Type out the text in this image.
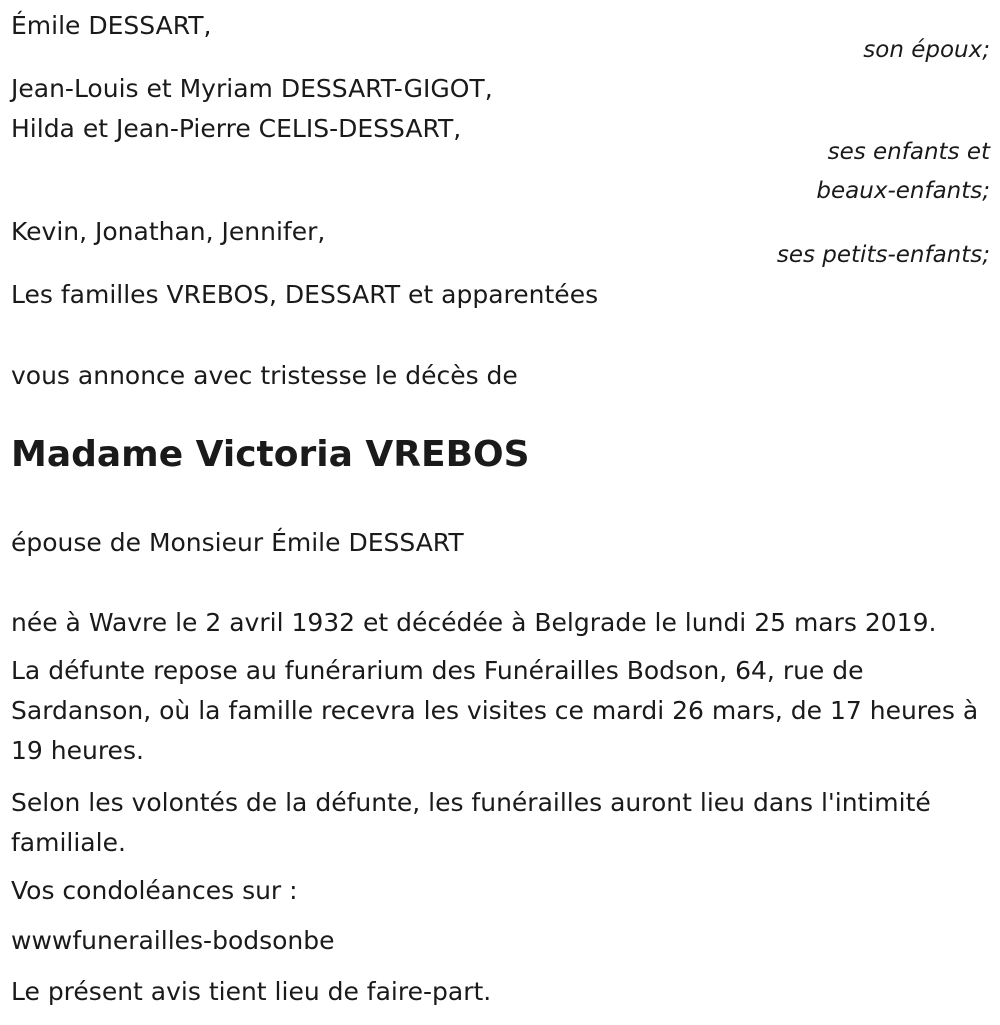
Émile DESSART,
son époux;
Jean-Louis et Myriam DESSART-GIGOT,
Hilda et Jean-Pierre CELIS-DESSART,
ses enfants et
beaux-enfants;
Kevin, Jonathan, Jennifer,
ses petits-enfants;
Les familles VREBOS, DESSART et apparentées
vous annonce avec tristesse le décès de
Madame Victoria VREBOS
épouse de Monsieur Émile DESSART
née à Wavre le 2 avril 1932 et décédée à Belgrade le lundi 25 mars 2019.
La défunte repose au funérarium des Funérailles Bodson, 64, rue de Sardanson, où la famille recevra les visites ce mardi 26 mars, de 17 heures à 19 heures.
Selon les volontés de la défunte, les funérailles auront lieu dans l'intimité familiale.
Vos condoléances sur :
wwwfunerailles-bodsonbe
Le présent avis tient lieu de faire-part.
